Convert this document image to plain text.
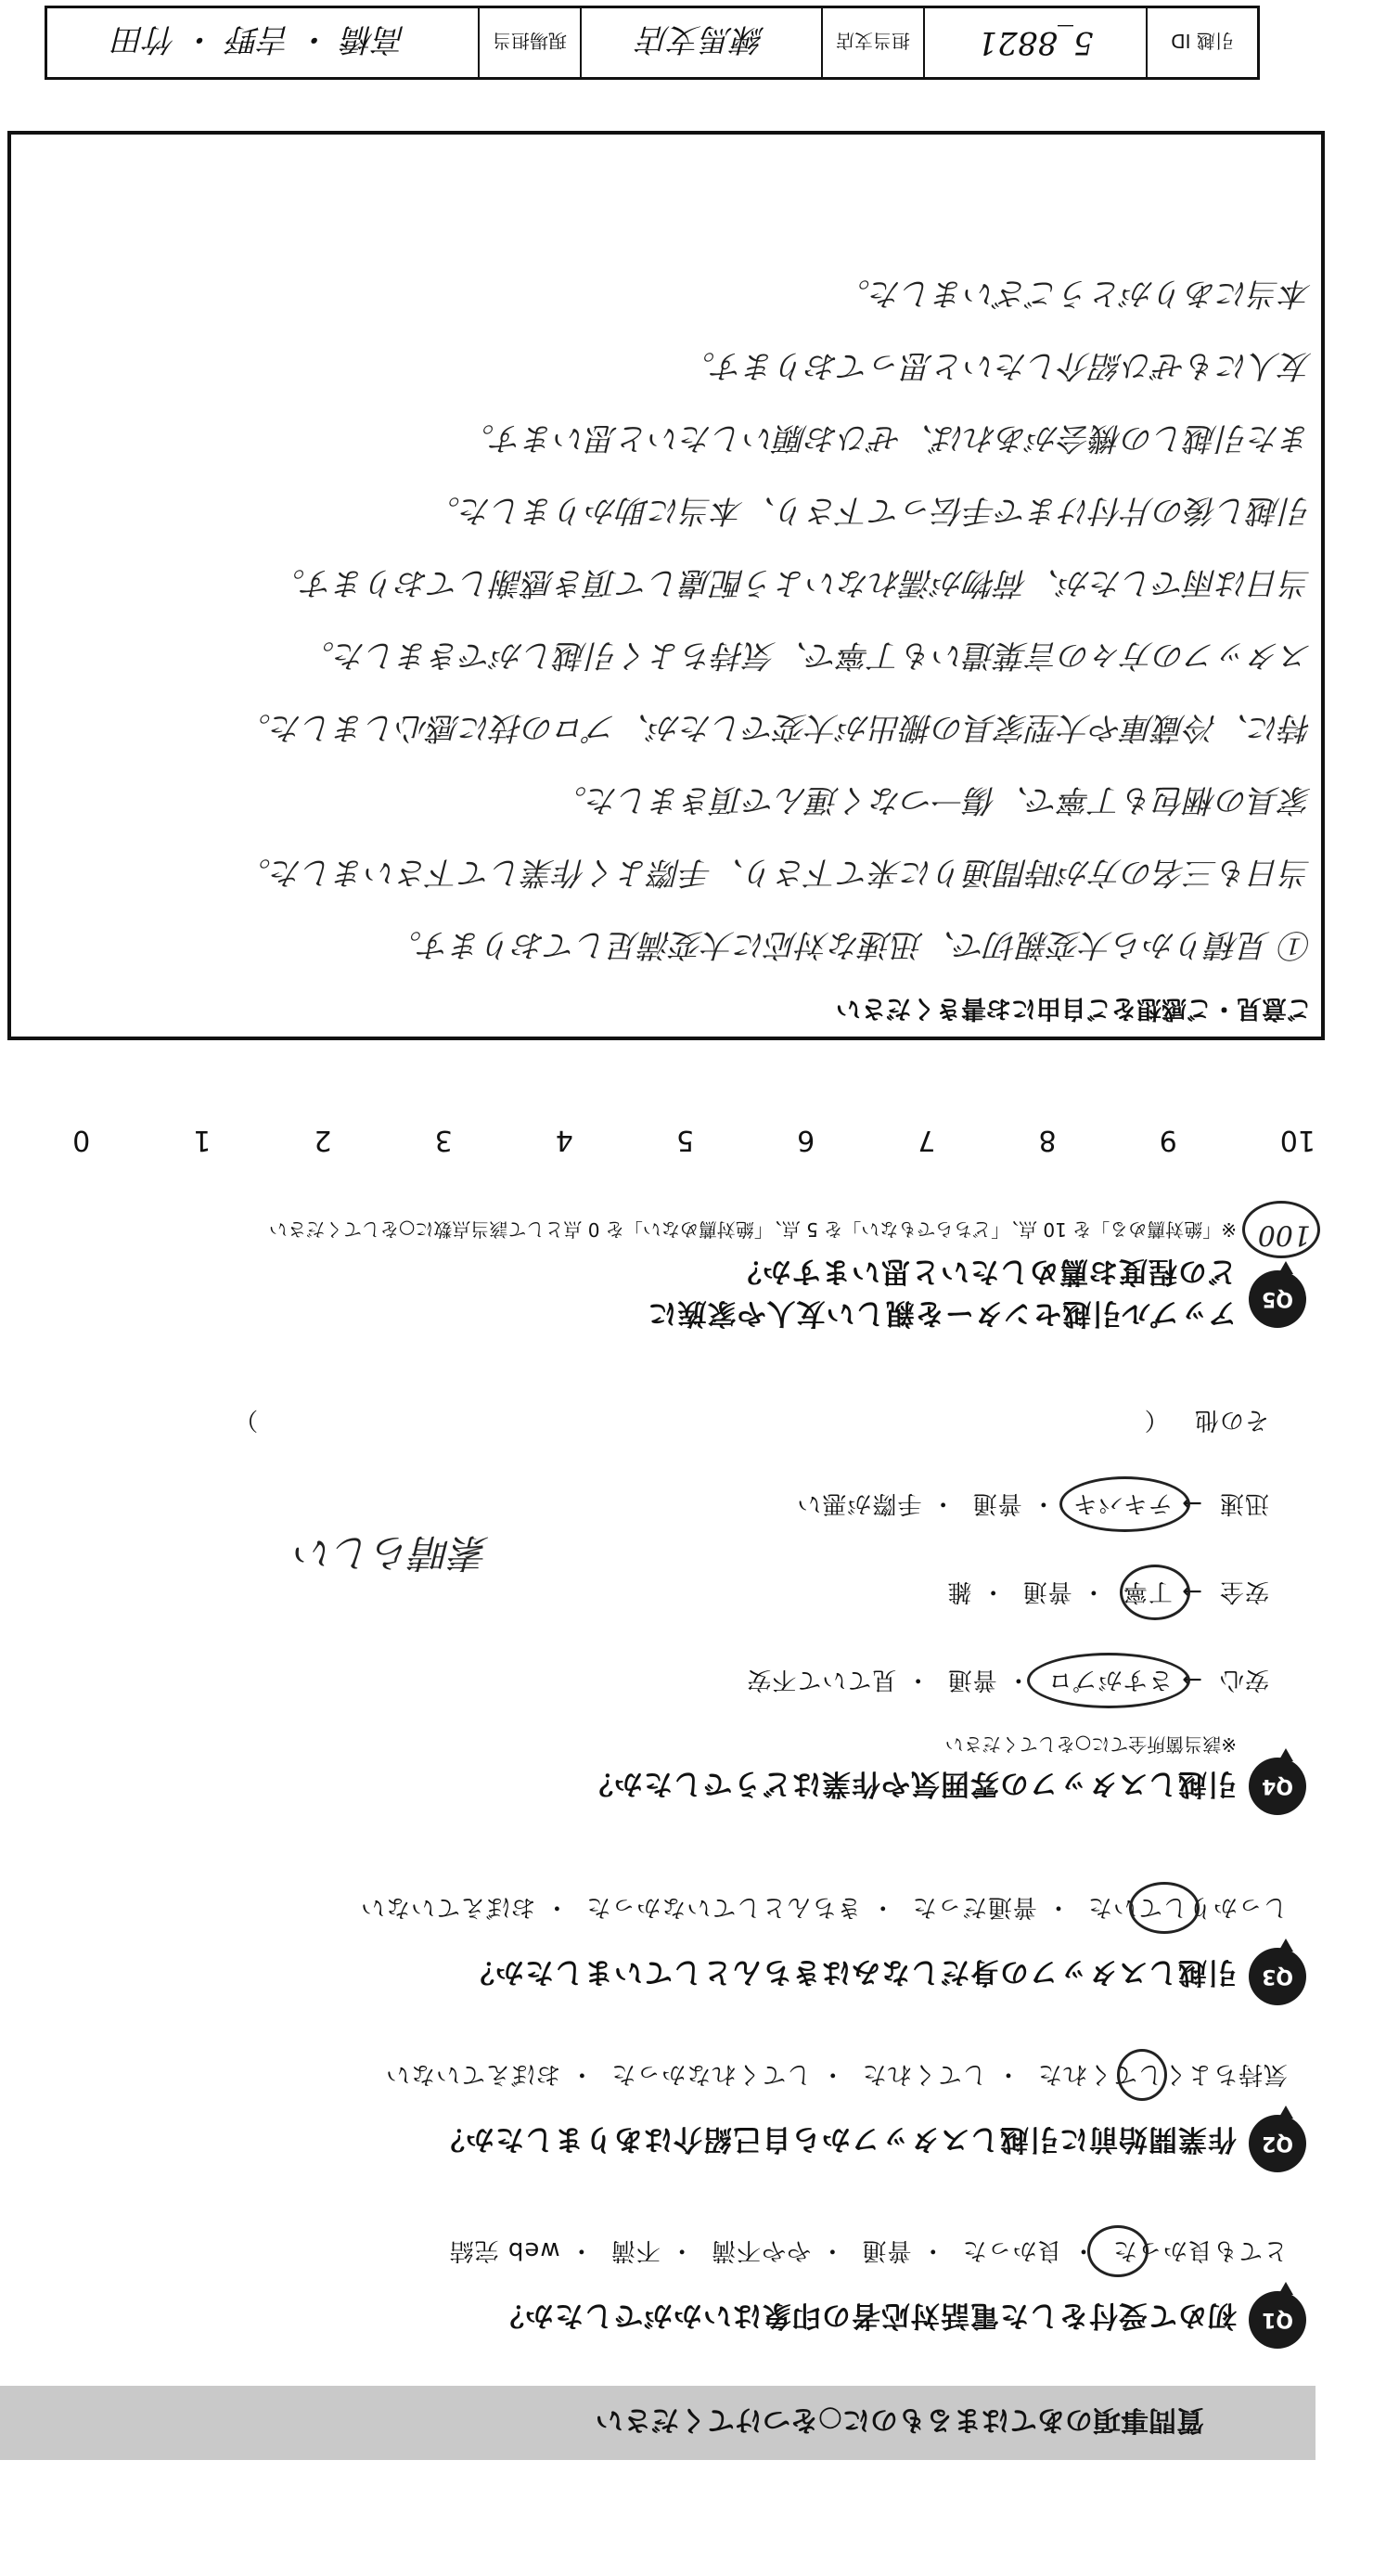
質問事項のあてはまるものに○をつけてください
Q1
初めて受付をした電話対応者の印象はいかがでしたか？
とても良かった・ 良かった・ 普通・ やや不満・ 不満・ web 完結
Q2
作業開始前に引越しスタッフから自己紹介はありましたか？
気持ちよくしてくれた・ してくれた・ してくれなかった・ おぼえていない
Q3
引越しスタッフの身だしなみはきちんとしていましたか？
しっかりしていた・ 普通だった・ きちんとしていなかった・ おぼえていない
Q4
引越しスタッフの雰囲気や作業はどうでしたか？
※該当箇所全てに○をしてください
安心→ さすがプロ・ 普通・ 見ていて不安
安全→ 丁寧・ 普通・ 雑
迅速→ テキパキ・ 普通・ 手際が悪い
その他 （  ）
素晴らしい
Q5
アップル引越センターを親しい友人や家族に
どの程度お薦めしたいと思いますか？
※「絶対薦める」を 10 点、「どちらでもない」を 5 点、「絶対薦めない」を 0 点として該当点数に○をしてください 100
10
9
8
7
6
5
4
3
2
1
0
ご意見・ご感想をご自由にお書きください
① 見積りから大変親切で、迅速な対応に大変満足しております。
当日も三名の方が時間通りに来て下さり、手際よく作業して下さいました。
家具の梱包も丁寧で、傷一つなく運んで頂きました。
特に、冷蔵庫や大型家具の搬出が大変でしたが、プロの技に感心しました。
スタッフの方々の言葉遣いも丁寧で、気持ちよく引越しができました。
当日は雨でしたが、荷物が濡れないよう配慮して頂き感謝しております。
引越し後の片付けまで手伝って下さり、本当に助かりました。
また引越しの機会があれば、ぜひお願いしたいと思います。
友人にもぜひ紹介したいと思っております。
本当にありがとうございました。
引越 ID
5_8821
担当支店
練馬支店
現場担当
高橋 ・ 吉野 ・ 竹田
